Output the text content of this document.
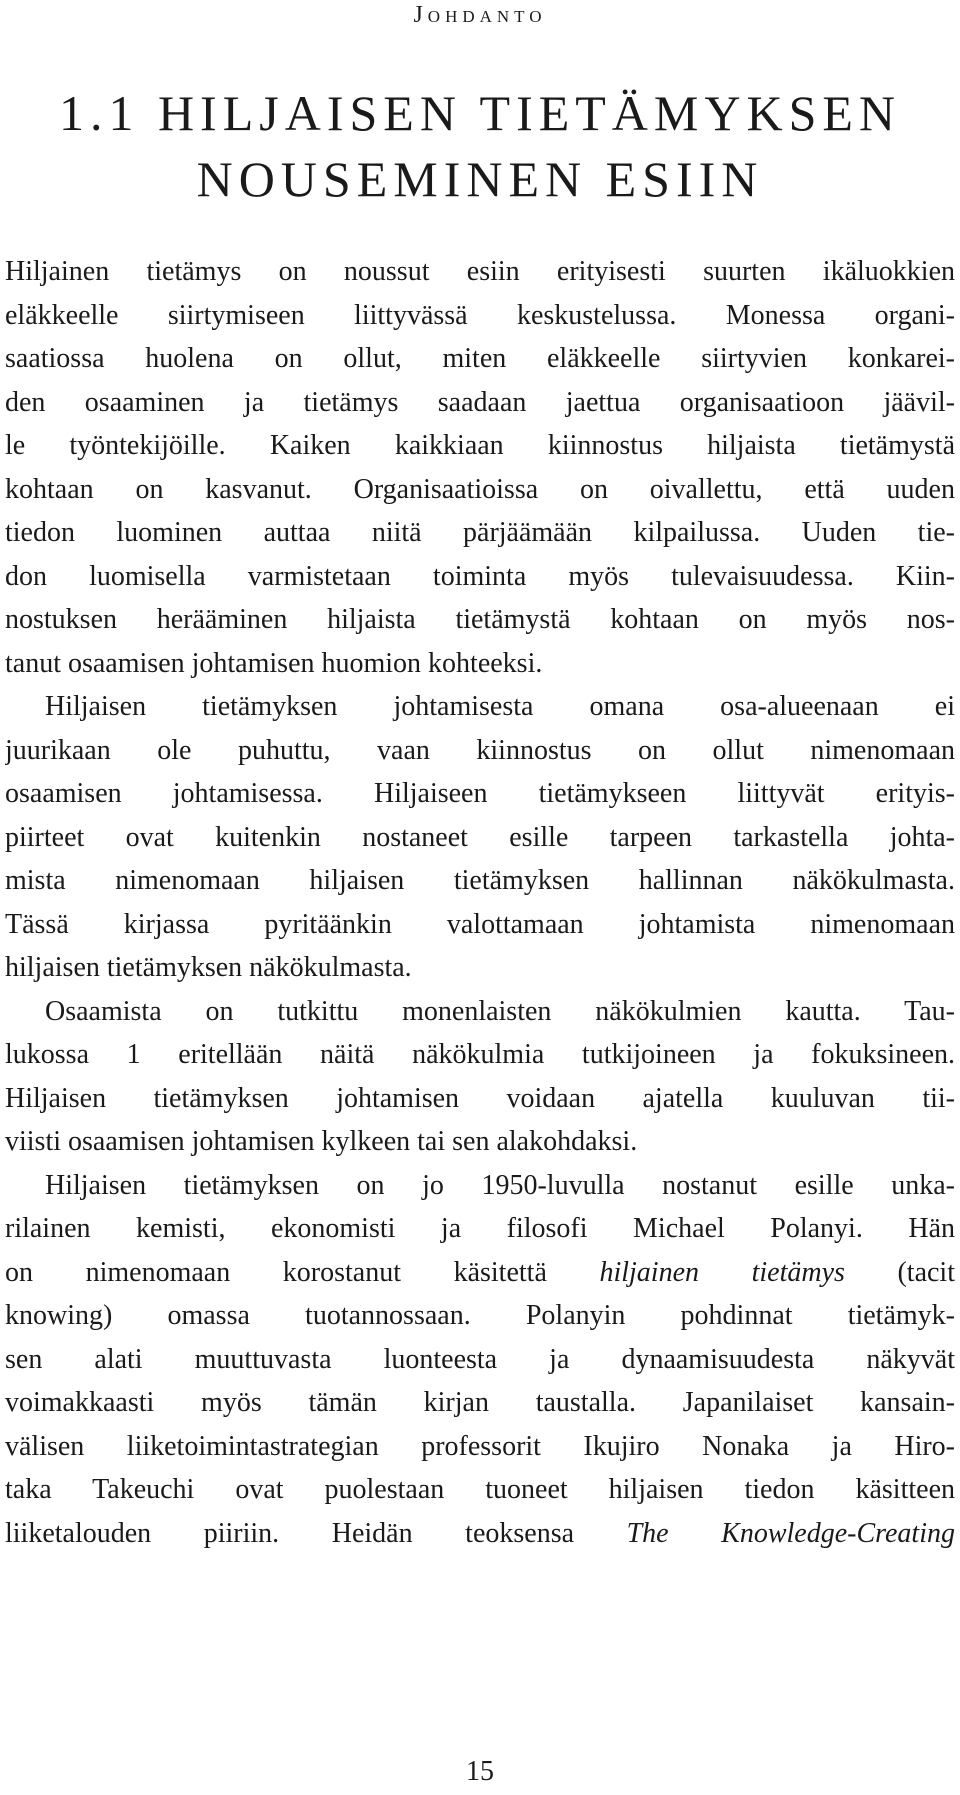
Johdanto
1.1 HILJAISEN TIETÄMYKSEN
NOUSEMINEN ESIIN

Hiljainen tietämys on noussut esiin erityisesti suurten ikäluokkien
eläkkeelle siirtymiseen liittyvässä keskustelussa. Monessa organi-
saatiossa huolena on ollut, miten eläkkeelle siirtyvien konkarei-
den osaaminen ja tietämys saadaan jaettua organisaatioon jäävil-
le työntekijöille. Kaiken kaikkiaan kiinnostus hiljaista tietämystä
kohtaan on kasvanut. Organisaatioissa on oivallettu, että uuden
tiedon luominen auttaa niitä pärjäämään kilpailussa. Uuden tie-
don luomisella varmistetaan toiminta myös tulevaisuudessa. Kiin-
nostuksen herääminen hiljaista tietämystä kohtaan on myös nos-
tanut osaamisen johtamisen huomion kohteeksi.

Hiljaisen tietämyksen johtamisesta omana osa-alueenaan ei
juurikaan ole puhuttu, vaan kiinnostus on ollut nimenomaan
osaamisen johtamisessa. Hiljaiseen tietämykseen liittyvät erityis-
piirteet ovat kuitenkin nostaneet esille tarpeen tarkastella johta-
mista nimenomaan hiljaisen tietämyksen hallinnan näkökulmasta.
Tässä kirjassa pyritäänkin valottamaan johtamista nimenomaan
hiljaisen tietämyksen näkökulmasta.

Osaamista on tutkittu monenlaisten näkökulmien kautta. Tau-
lukossa 1 eritellään näitä näkökulmia tutkijoineen ja fokuksineen.
Hiljaisen tietämyksen johtamisen voidaan ajatella kuuluvan tii-
viisti osaamisen johtamisen kylkeen tai sen alakohdaksi.

Hiljaisen tietämyksen on jo 1950-luvulla nostanut esille unka-
rilainen kemisti, ekonomisti ja filosofi Michael Polanyi. Hän
on nimenomaan korostanut käsitettä hiljainen tietämys (tacit
knowing) omassa tuotannossaan. Polanyin pohdinnat tietämyk-
sen alati muuttuvasta luonteesta ja dynaamisuudesta näkyvät
voimakkaasti myös tämän kirjan taustalla. Japanilaiset kansain-
välisen liiketoimintastrategian professorit Ikujiro Nonaka ja Hiro-
taka Takeuchi ovat puolestaan tuoneet hiljaisen tiedon käsitteen
liiketalouden piiriin. Heidän teoksensa The Knowledge-Creating

15
